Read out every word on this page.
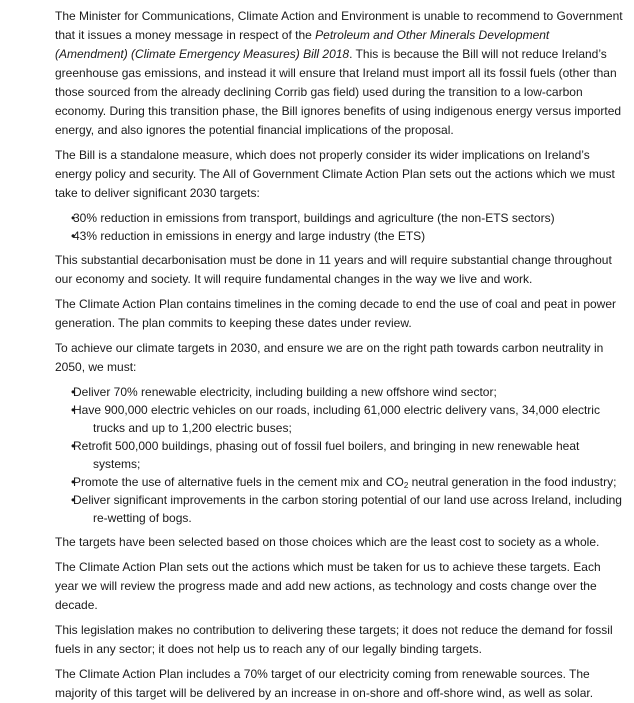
The Minister for Communications, Climate Action and Environment is unable to recommend to Government that it issues a money message in respect of the Petroleum and Other Minerals Development (Amendment) (Climate Emergency Measures) Bill 2018. This is because the Bill will not reduce Ireland’s greenhouse gas emissions, and instead it will ensure that Ireland must import all its fossil fuels (other than those sourced from the already declining Corrib gas field) used during the transition to a low-carbon economy. During this transition phase, the Bill ignores benefits of using indigenous energy versus imported energy, and also ignores the potential financial implications of the proposal.

The Bill is a standalone measure, which does not properly consider its wider implications on Ireland’s energy policy and security. The All of Government Climate Action Plan sets out the actions which we must take to deliver significant 2030 targets:

• 30% reduction in emissions from transport, buildings and agriculture (the non-ETS sectors)
• 43% reduction in emissions in energy and large industry (the ETS)

This substantial decarbonisation must be done in 11 years and will require substantial change throughout our economy and society. It will require fundamental changes in the way we live and work.

The Climate Action Plan contains timelines in the coming decade to end the use of coal and peat in power generation. The plan commits to keeping these dates under review.

To achieve our climate targets in 2030, and ensure we are on the right path towards carbon neutrality in 2050, we must:

• Deliver 70% renewable electricity, including building a new offshore wind sector;
• Have 900,000 electric vehicles on our roads, including 61,000 electric delivery vans, 34,000 electric trucks and up to 1,200 electric buses;
• Retrofit 500,000 buildings, phasing out of fossil fuel boilers, and bringing in new renewable heat systems;
• Promote the use of alternative fuels in the cement mix and $CO_2$ neutral generation in the food industry;
• Deliver significant improvements in the carbon storing potential of our land use across Ireland, including re-wetting of bogs.

The targets have been selected based on those choices which are the least cost to society as a whole.

The Climate Action Plan sets out the actions which must be taken for us to achieve these targets. Each year we will review the progress made and add new actions, as technology and costs change over the decade.

This legislation makes no contribution to delivering these targets; it does not reduce the demand for fossil fuels in any sector; it does not help us to reach any of our legally binding targets.

The Climate Action Plan includes a 70% target of our electricity coming from renewable sources. The majority of this target will be delivered by an increase in on-shore and off-shore wind, as well as solar.
